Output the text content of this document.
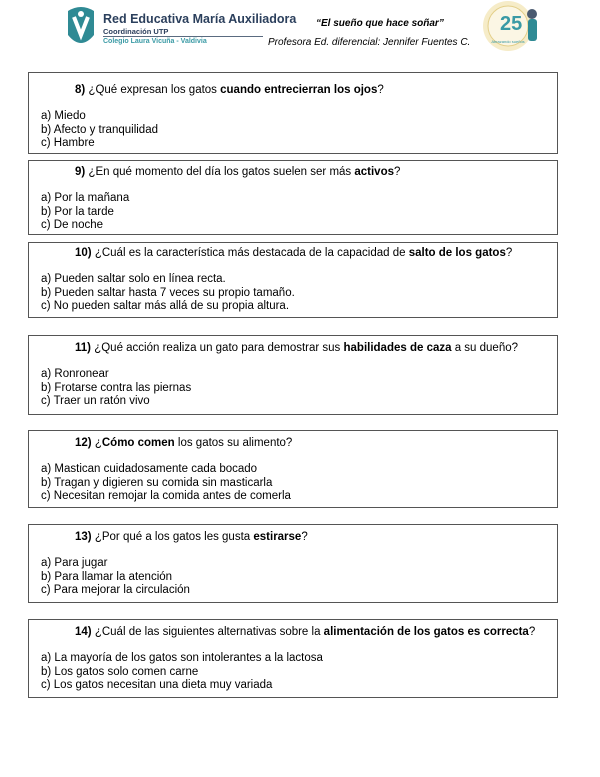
Red Educativa María Auxiliadora
Coordinación UTP
Colegio Laura Vicuña - Valdivia
“El sueño que hace soñar”
Profesora Ed. diferencial: Jennifer Fuentes C.
25
Abrazando sueños
8) ¿Qué expresan los gatos cuando entrecierran los ojos?
a) Miedo
b) Afecto y tranquilidad
c) Hambre
9) ¿En qué momento del día los gatos suelen ser más activos?
a) Por la mañana
b) Por la tarde
c) De noche
10) ¿Cuál es la característica más destacada de la capacidad de salto de los gatos?
a) Pueden saltar solo en línea recta.
b) Pueden saltar hasta 7 veces su propio tamaño.
c) No pueden saltar más allá de su propia altura.
11) ¿Qué acción realiza un gato para demostrar sus habilidades de caza a su dueño?
a) Ronronear
b) Frotarse contra las piernas
c) Traer un ratón vivo
12) ¿Cómo comen los gatos su alimento?
a) Mastican cuidadosamente cada bocado
b) Tragan y digieren su comida sin masticarla
c) Necesitan remojar la comida antes de comerla
13) ¿Por qué a los gatos les gusta estirarse?
a) Para jugar
b) Para llamar la atención
c) Para mejorar la circulación
14) ¿Cuál de las siguientes alternativas sobre la alimentación de los gatos es correcta?
a) La mayoría de los gatos son intolerantes a la lactosa
b) Los gatos solo comen carne
c) Los gatos necesitan una dieta muy variada
